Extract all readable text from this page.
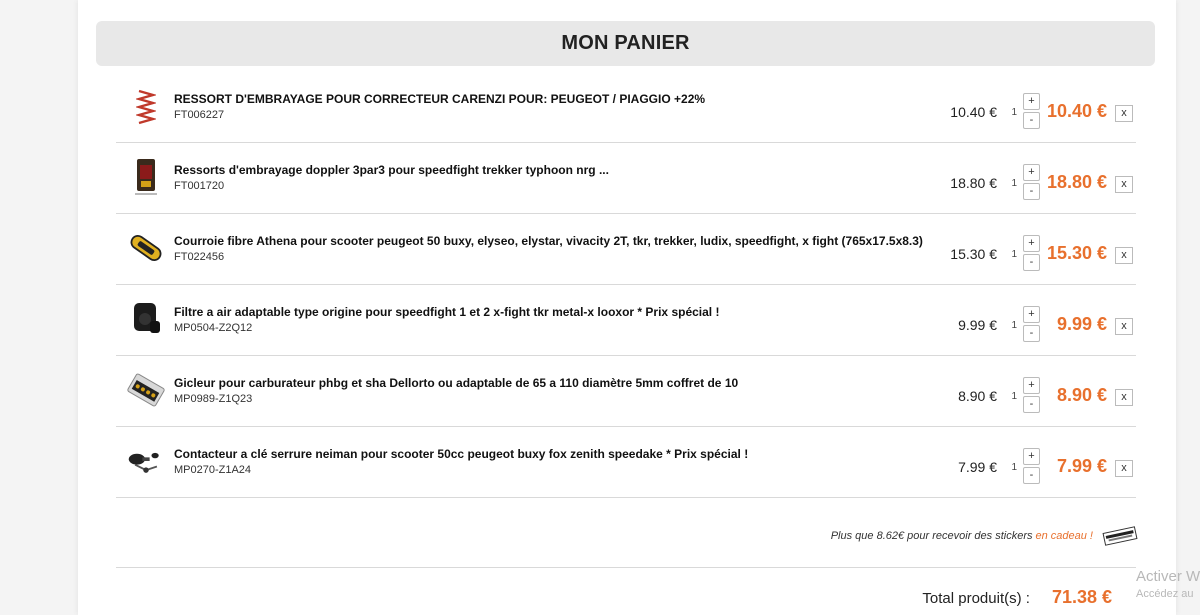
MON PANIER
RESSORT D'EMBRAYAGE POUR CORRECTEUR CARENZI POUR: PEUGEOT / PIAGGIO +22%
FT006227	10.40 € 1
+
- 10.40 €	x
Ressorts d'embrayage doppler 3par3 pour speedfight trekker typhoon nrg ...
FT001720	18.80 € 1
+
- 18.80 €	x
Courroie fibre Athena pour scooter peugeot 50 buxy, elyseo, elystar, vivacity 2T, tkr, trekker, ludix, speedfight, x fight (765x17.5x8.3)
FT022456	15.30 € 1
+
- 15.30 €	x
Filtre a air adaptable type origine pour speedfight 1 et 2 x-fight tkr metal-x looxor * Prix spécial !
MP0504-Z2Q12	9.99 € 1
+
-	9.99 €	x
Gicleur pour carburateur phbg et sha Dellorto ou adaptable de 65 a 110 diamètre 5mm coffret de 10
MP0989-Z1Q23	8.90 € 1
+
-	8.90 €	x
Contacteur a clé serrure neiman pour scooter 50cc peugeot buxy fox zenith speedake * Prix spécial !
MP0270-Z1A24	7.99 € 1
+
-	7.99 €	x
Plus que 8.62€ pour recevoir des stickers en cadeau !
Total produit(s) : 71.38 €
Activer W
Accédez au
